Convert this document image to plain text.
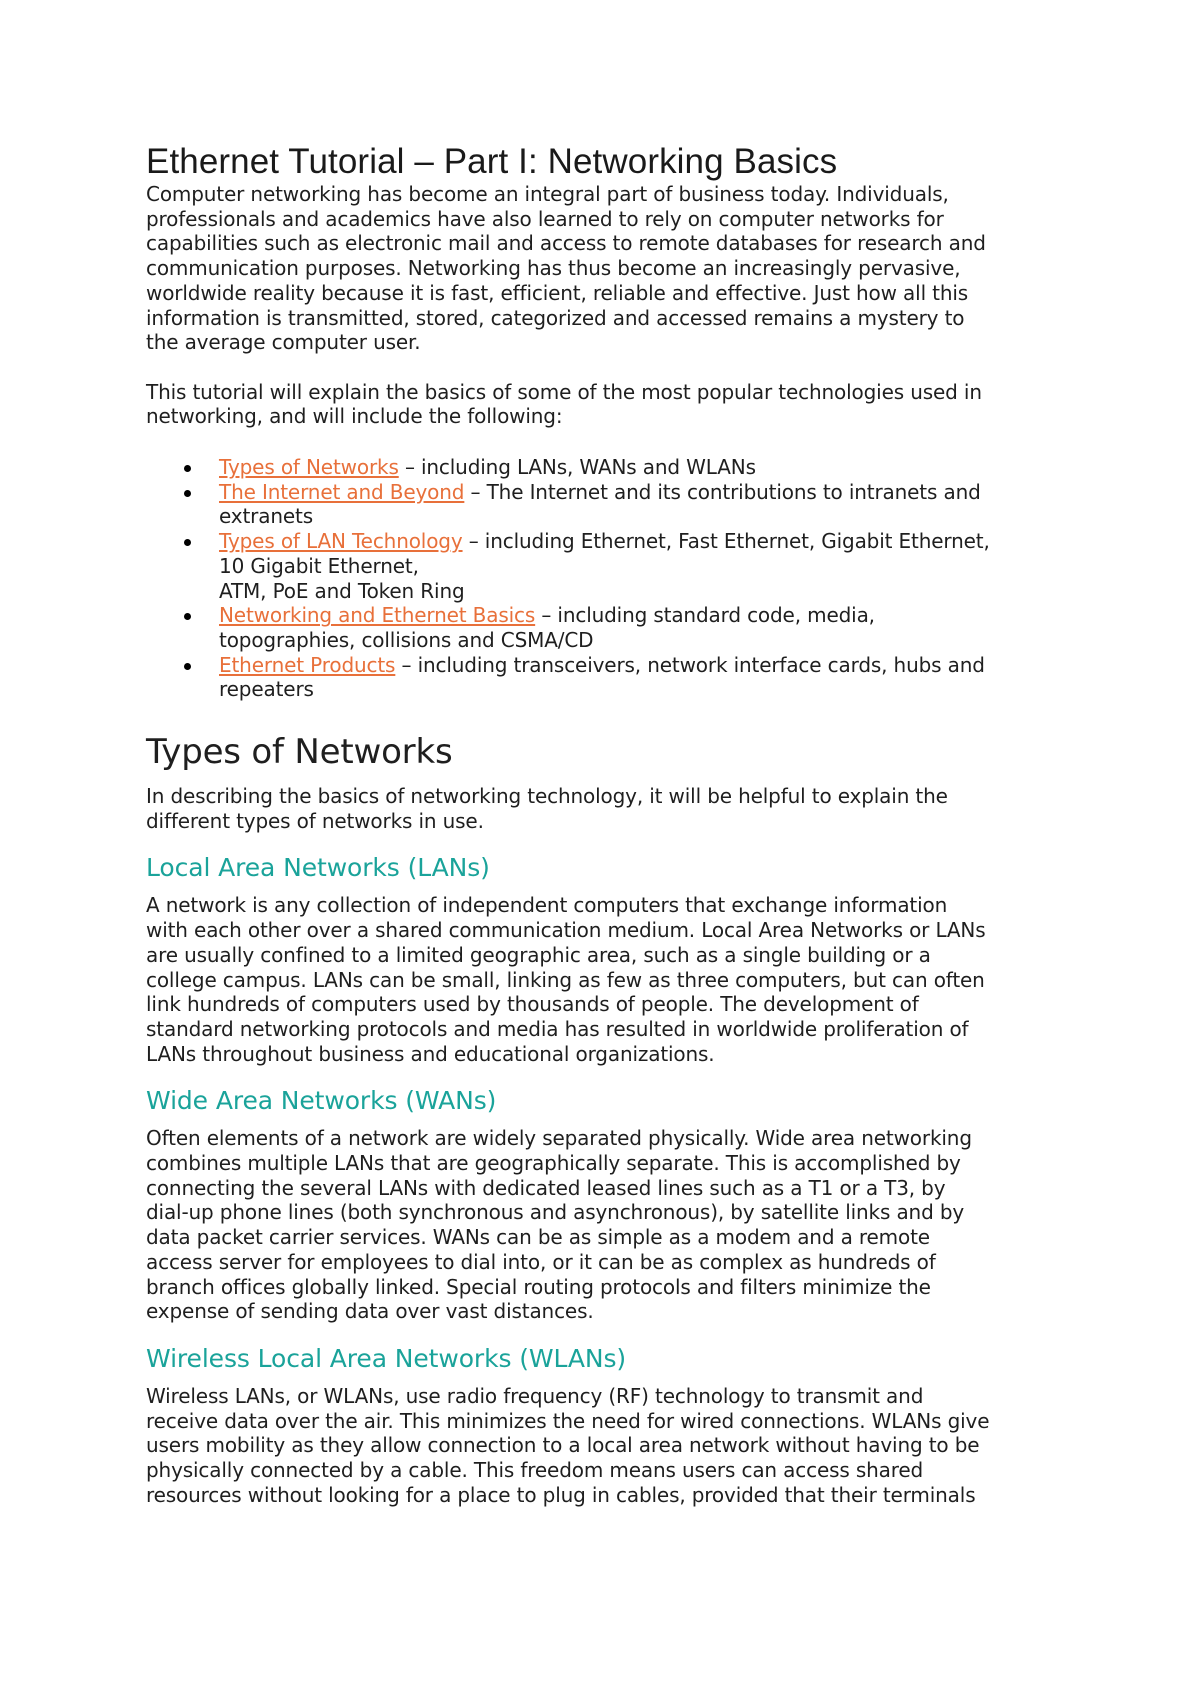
Ethernet Tutorial – Part I: Networking Basics

Computer networking has become an integral part of business today. Individuals,
professionals and academics have also learned to rely on computer networks for
capabilities such as electronic mail and access to remote databases for research and
communication purposes. Networking has thus become an increasingly pervasive,
worldwide reality because it is fast, efficient, reliable and effective. Just how all this
information is transmitted, stored, categorized and accessed remains a mystery to
the average computer user.

This tutorial will explain the basics of some of the most popular technologies used in
networking, and will include the following:

Types of Networks – including LANs, WANs and WLANs
The Internet and Beyond – The Internet and its contributions to intranets and
extranets
Types of LAN Technology – including Ethernet, Fast Ethernet, Gigabit Ethernet,
10 Gigabit Ethernet,
ATM, PoE and Token Ring
Networking and Ethernet Basics – including standard code, media,
topographies, collisions and CSMA/CD
Ethernet Products – including transceivers, network interface cards, hubs and
repeaters
Types of Networks

In describing the basics of networking technology, it will be helpful to explain the
different types of networks in use.

Local Area Networks (LANs)

A network is any collection of independent computers that exchange information
with each other over a shared communication medium. Local Area Networks or LANs
are usually confined to a limited geographic area, such as a single building or a
college campus. LANs can be small, linking as few as three computers, but can often
link hundreds of computers used by thousands of people. The development of
standard networking protocols and media has resulted in worldwide proliferation of
LANs throughout business and educational organizations.

Wide Area Networks (WANs)

Often elements of a network are widely separated physically. Wide area networking
combines multiple LANs that are geographically separate. This is accomplished by
connecting the several LANs with dedicated leased lines such as a T1 or a T3, by
dial-up phone lines (both synchronous and asynchronous), by satellite links and by
data packet carrier services. WANs can be as simple as a modem and a remote
access server for employees to dial into, or it can be as complex as hundreds of
branch offices globally linked. Special routing protocols and filters minimize the
expense of sending data over vast distances.

Wireless Local Area Networks (WLANs)

Wireless LANs, or WLANs, use radio frequency (RF) technology to transmit and
receive data over the air. This minimizes the need for wired connections. WLANs give
users mobility as they allow connection to a local area network without having to be
physically connected by a cable. This freedom means users can access shared
resources without looking for a place to plug in cables, provided that their terminals
